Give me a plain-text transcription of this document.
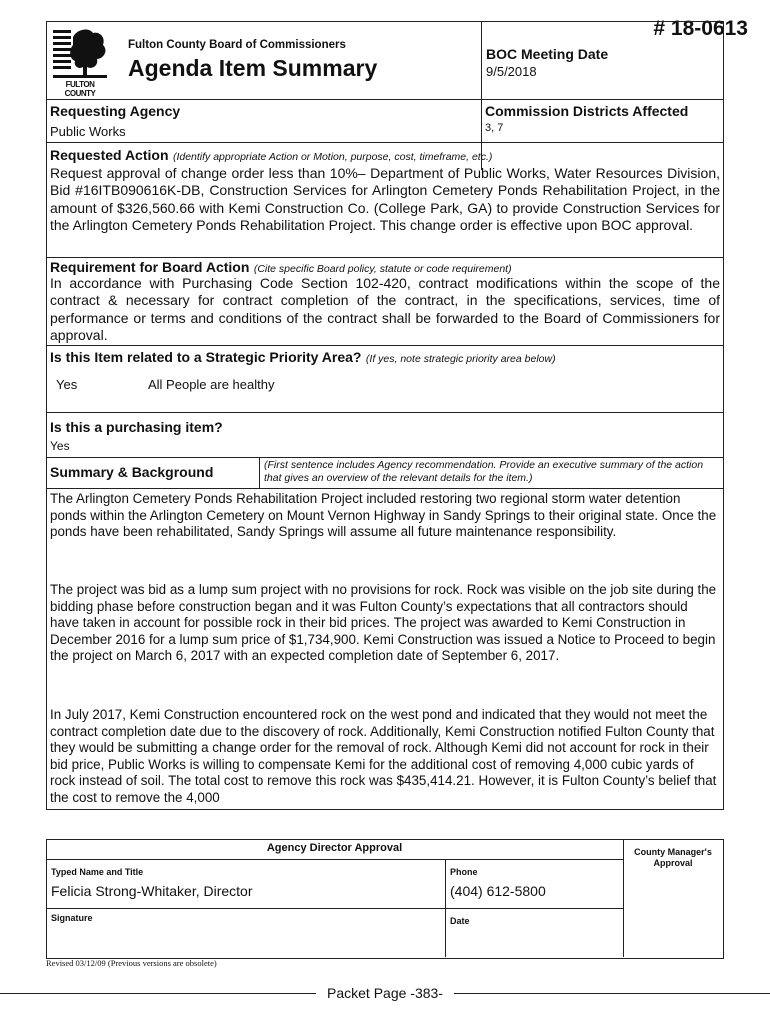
# 18-0613
FULTON COUNTY
Fulton County Board of Commissioners
Agenda Item Summary
BOC Meeting Date
9/5/2018
Requesting Agency
Public Works
Commission Districts Affected
3, 7
Requested Action (Identify appropriate Action or Motion, purpose, cost, timeframe, etc.)
Request approval of change order less than 10%– Department of Public Works, Water Resources Division, Bid #16ITB090616K-DB, Construction Services for Arlington Cemetery Ponds Rehabilitation Project, in the amount of $326,560.66 with Kemi Construction Co. (College Park, GA) to provide Construction Services for the Arlington Cemetery Ponds Rehabilitation Project. This change order is effective upon BOC approval.
Requirement for Board Action (Cite specific Board policy, statute or code requirement)
In accordance with Purchasing Code Section 102-420, contract modifications within the scope of the contract & necessary for contract completion of the contract, in the specifications, services, time of performance or terms and conditions of the contract shall be forwarded to the Board of Commissioners for approval.
Is this Item related to a Strategic Priority Area? (If yes, note strategic priority area below)
Yes	All People are healthy
Is this a purchasing item?
Yes
Summary & Background	(First sentence includes Agency recommendation. Provide an executive summary of the action that gives an overview of the relevant details for the item.)
The Arlington Cemetery Ponds Rehabilitation Project included restoring two regional storm water detention ponds within the Arlington Cemetery on Mount Vernon Highway in Sandy Springs to their original state. Once the ponds have been rehabilitated, Sandy Springs will assume all future maintenance responsibility.
The project was bid as a lump sum project with no provisions for rock. Rock was visible on the job site during the bidding phase before construction began and it was Fulton County’s expectations that all contractors should have taken in account for possible rock in their bid prices. The project was awarded to Kemi Construction in December 2016 for a lump sum price of $1,734,900. Kemi Construction was issued a Notice to Proceed to begin the project on March 6, 2017 with an expected completion date of September 6, 2017.
In July 2017, Kemi Construction encountered rock on the west pond and indicated that they would not meet the contract completion date due to the discovery of rock. Additionally, Kemi Construction notified Fulton County that they would be submitting a change order for the removal of rock. Although Kemi did not account for rock in their bid price, Public Works is willing to compensate Kemi for the additional cost of removing 4,000 cubic yards of rock instead of soil. The total cost to remove this rock was $435,414.21. However, it is Fulton County’s belief that the cost to remove the 4,000
Agency Director Approval	County Manager's Approval
Typed Name and Title
Felicia Strong-Whitaker, Director
Phone
(404) 612-5800
Signature	Date
Revised 03/12/09 (Previous versions are obsolete)
Packet Page -383-
